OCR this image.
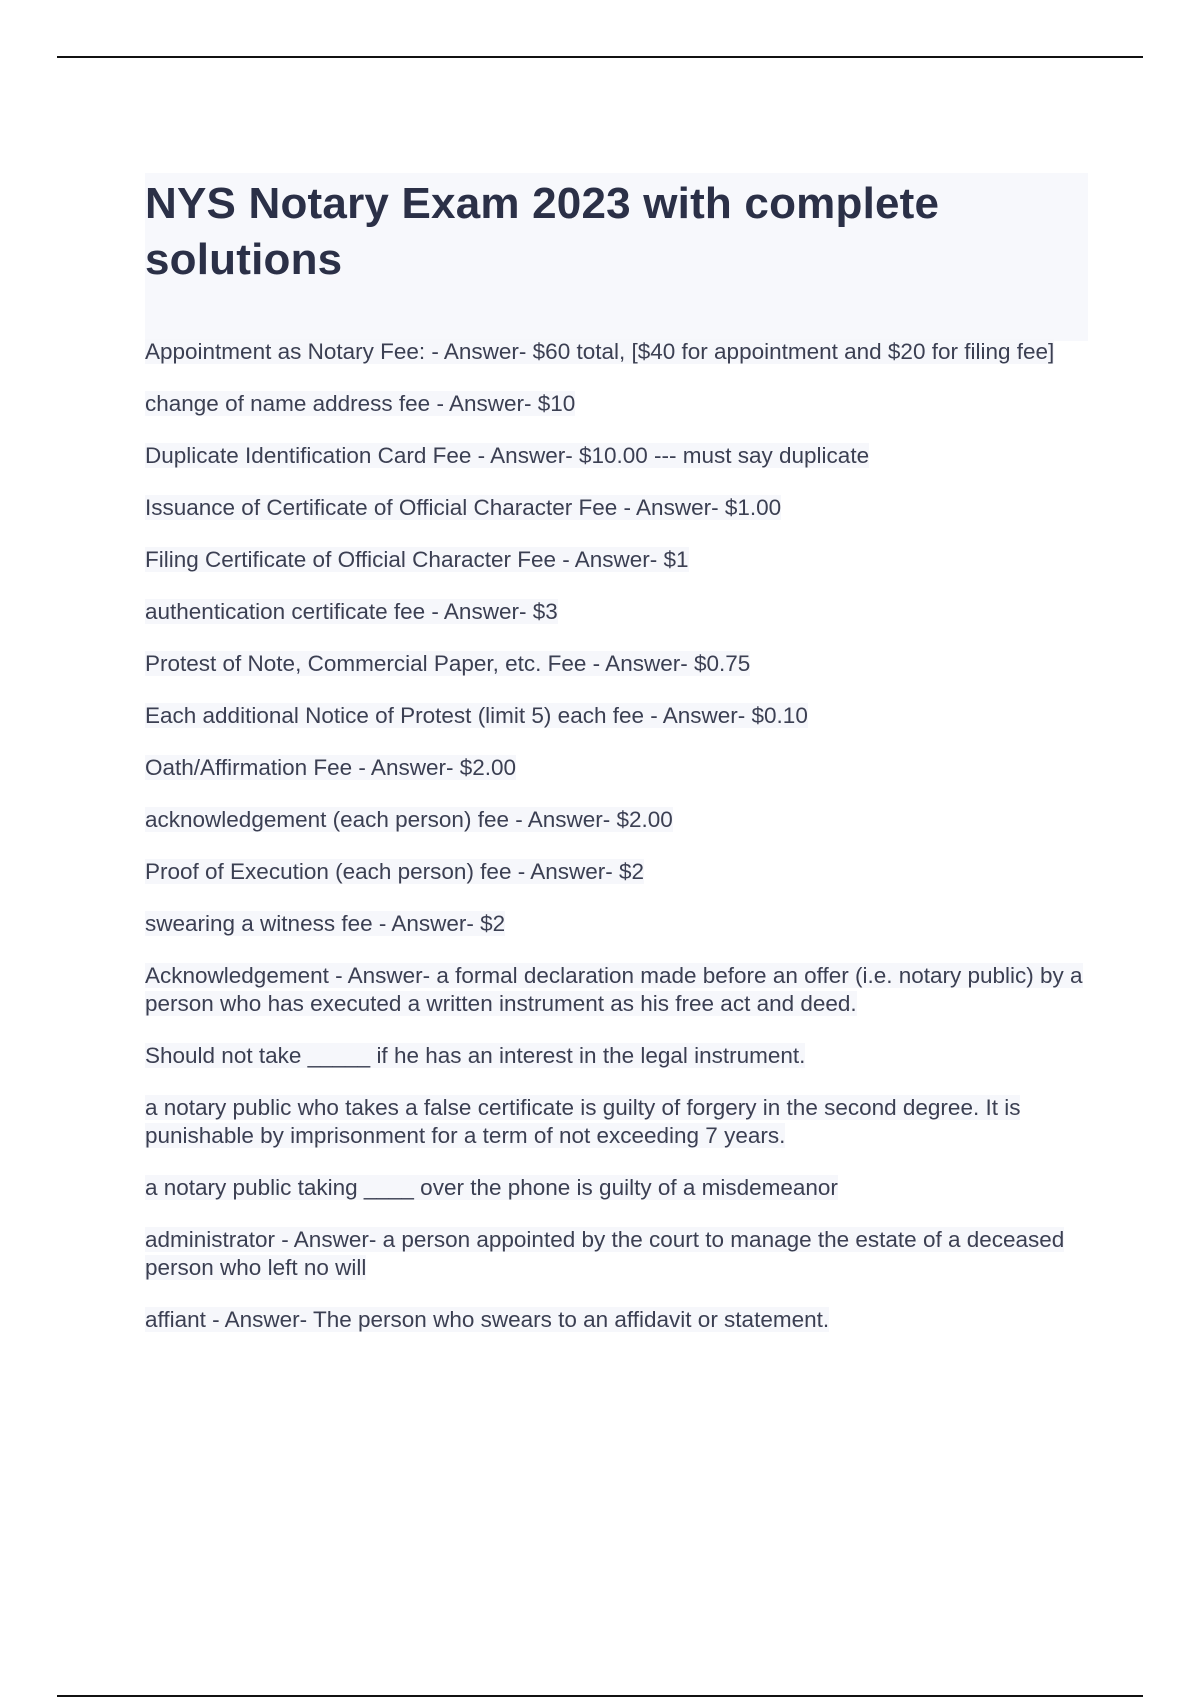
NYS Notary Exam 2023 with complete solutions

Appointment as Notary Fee: - Answer- $60 total, [$40 for appointment and $20 for filing fee]

change of name address fee - Answer- $10

Duplicate Identification Card Fee - Answer- $10.00 --- must say duplicate

Issuance of Certificate of Official Character Fee - Answer- $1.00

Filing Certificate of Official Character Fee - Answer- $1

authentication certificate fee - Answer- $3

Protest of Note, Commercial Paper, etc. Fee - Answer- $0.75

Each additional Notice of Protest (limit 5) each fee - Answer- $0.10

Oath/Affirmation Fee - Answer- $2.00

acknowledgement (each person) fee - Answer- $2.00

Proof of Execution (each person) fee - Answer- $2

swearing a witness fee - Answer- $2

Acknowledgement - Answer- a formal declaration made before an offer (i.e. notary public) by a person who has executed a written instrument as his free act and deed.

Should not take _____ if he has an interest in the legal instrument.

a notary public who takes a false certificate is guilty of forgery in the second degree. It is punishable by imprisonment for a term of not exceeding 7 years.

a notary public taking ____ over the phone is guilty of a misdemeanor

administrator - Answer- a person appointed by the court to manage the estate of a deceased person who left no will

affiant - Answer- The person who swears to an affidavit or statement.
